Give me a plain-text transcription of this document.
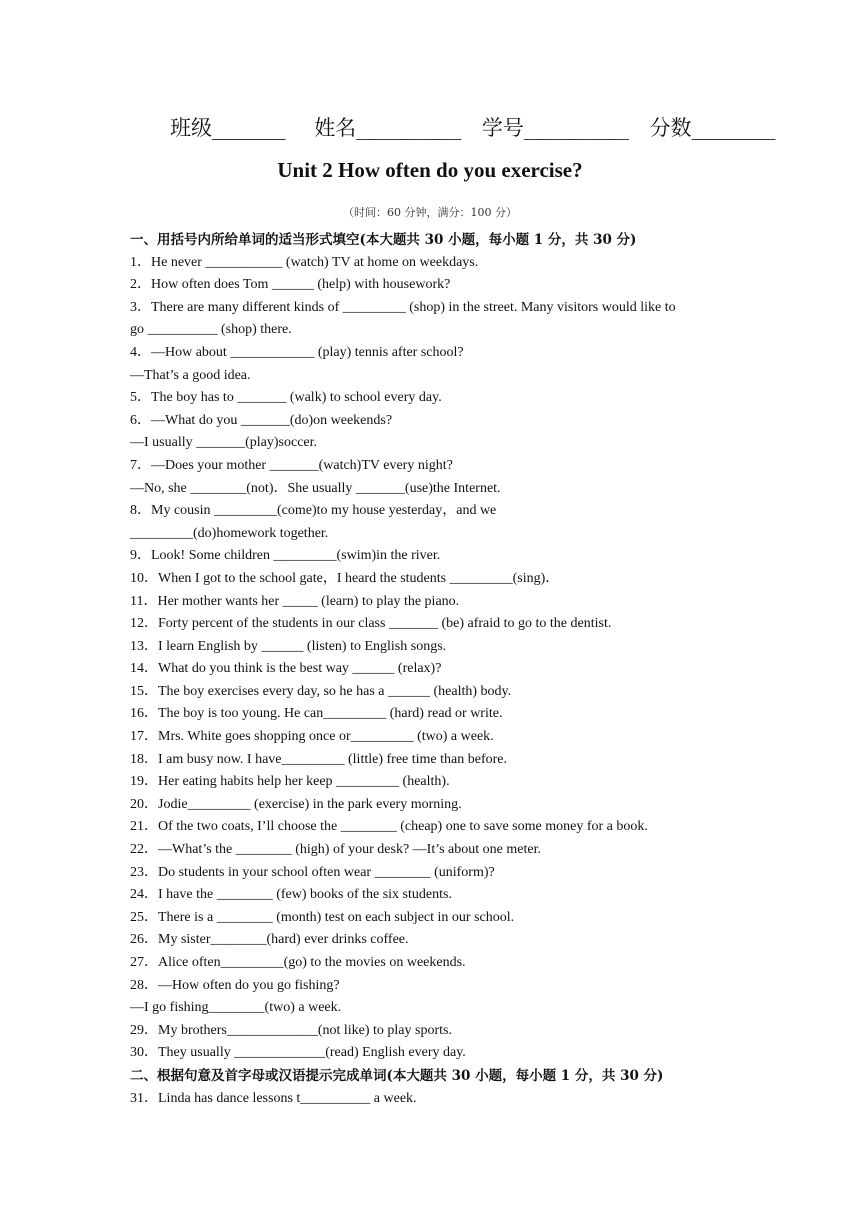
班级_______ 姓名__________ 学号__________ 分数________
Unit 2 How often do you exercise?
（时间：60 分钟，满分：100 分）
一、用括号内所给单词的适当形式填空(本大题共 30 小题，每小题 1 分，共 30 分)
1．He never ___________ (watch) TV at home on weekdays.
2．How often does Tom ______ (help) with housework?
3．There are many different kinds of _________ (shop) in the street. Many visitors would like to
go __________ (shop) there.
4．—How about ____________ (play) tennis after school?
—That’s a good idea.
5．The boy has to _______ (walk) to school every day.
6．—What do you _______(do)on weekends?
—I usually _______(play)soccer.
7．—Does your mother _______(watch)TV every night?
—No, she ________(not)．She usually _______(use)the Internet.
8．My cousin _________(come)to my house yesterday，and we
_________(do)homework together.
9．Look! Some children _________(swim)in the river.
10．When I got to the school gate，I heard the students _________(sing)．
11．Her mother wants her _____ (learn) to play the piano.
12．Forty percent of the students in our class _______ (be) afraid to go to the dentist.
13．I learn English by ______ (listen) to English songs.
14．What do you think is the best way ______ (relax)?
15．The boy exercises every day, so he has a ______ (health) body.
16．The boy is too young. He can_________ (hard) read or write.
17．Mrs. White goes shopping once or_________ (two) a week.
18．I am busy now. I have_________ (little) free time than before.
19．Her eating habits help her keep _________ (health).
20．Jodie_________ (exercise) in the park every morning.
21．Of the two coats, I’ll choose the ________ (cheap) one to save some money for a book.
22．—What’s the ________ (high) of your desk? —It’s about one meter.
23．Do students in your school often wear ________ (uniform)?
24．I have the ________ (few) books of the six students.
25．There is a ________ (month) test on each subject in our school.
26．My sister________(hard) ever drinks coffee.
27．Alice often_________(go) to the movies on weekends.
28．—How often do you go fishing?
—I go fishing________(two) a week.
29．My brothers_____________(not like) to play sports.
30．They usually _____________(read) English every day.
二、根据句意及首字母或汉语提示完成单词(本大题共 30 小题，每小题 1 分，共 30 分)
31．Linda has dance lessons t__________ a week.
